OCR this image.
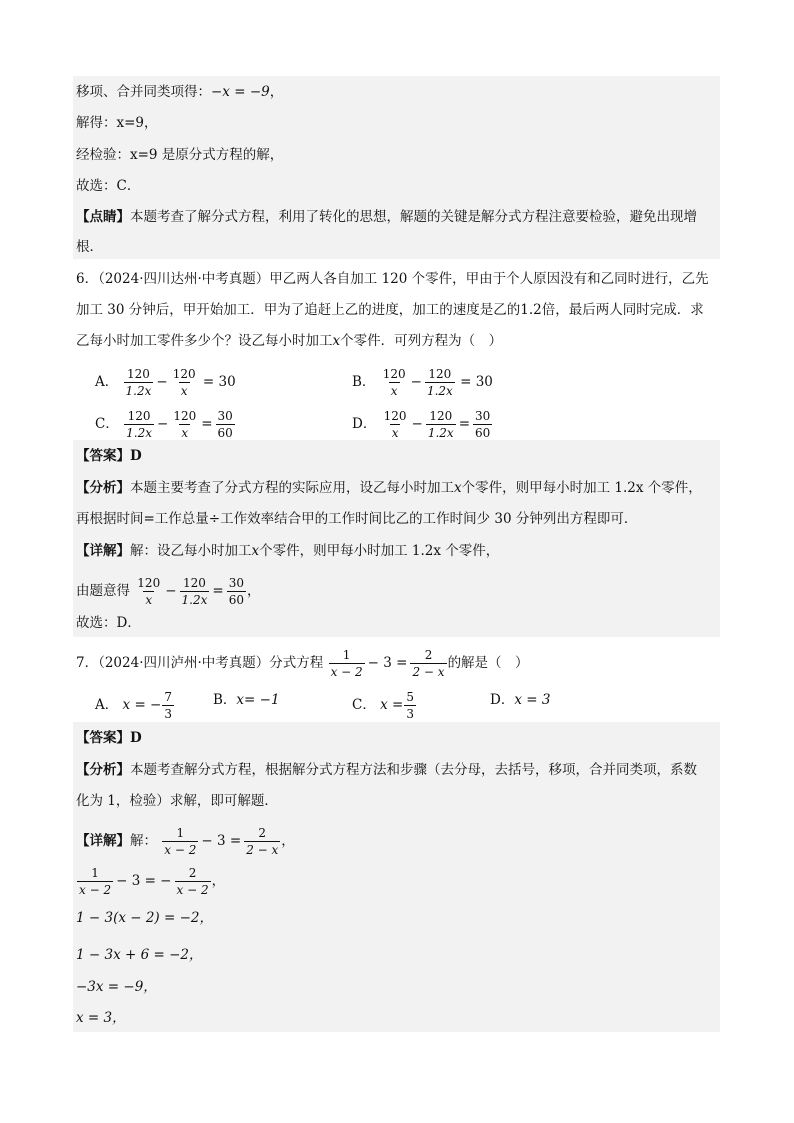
移项、合并同类项得：−x = −9，
解得：x=9，
经检验：x=9 是原分式方程的解，
故选：C．
【点睛】本题考查了解分式方程，利用了转化的思想，解题的关键是解分式方程注意要检验，避免出现增
根．
6．（2024·四川达州·中考真题）甲乙两人各自加工 120 个零件，甲由于个人原因没有和乙同时进行，乙先
加工 30 分钟后，甲开始加工．甲为了追赶上乙的进度，加工的速度是乙的1.2倍，最后两人同时完成．求
乙每小时加工零件多少个？设乙每小时加工x个零件．可列方程为（　）
A． $\frac{120}{1.2x} - \frac{120}{x} = 30$	B． $\frac{120}{x} - \frac{120}{1.2x} = 30$
C． $\frac{120}{1.2x} - \frac{120}{x} = \frac{30}{60}$	D． $\frac{120}{x} - \frac{120}{1.2x} = \frac{30}{60}$
【答案】D
【分析】本题主要考查了分式方程的实际应用，设乙每小时加工x个零件，则甲每小时加工 1.2x 个零件，
再根据时间=工作总量÷工作效率结合甲的工作时间比乙的工作时间少 30 分钟列出方程即可．
【详解】解：设乙每小时加工x个零件，则甲每小时加工 1.2x 个零件，
由题意得 $\frac{120}{x} - \frac{120}{1.2x} = \frac{30}{60}$ ，
故选：D．
7．（2024·四川泸州·中考真题）分式方程 $\frac{1}{x - 2} - 3 = \frac{2}{2 - x}$ 的解是（　）
A． x = − $\frac{7}{3}$	B．x= −1	C． $x = \frac{5}{3}$	D．x = 3
【答案】D
【分析】本题考查解分式方程，根据解分式方程方法和步骤（去分母，去括号，移项，合并同类项，系数
化为 1，检验）求解，即可解题．
【详解】解： $\frac{1}{x - 2} - 3 = \frac{2}{2 - x}$ ，
$\frac{1}{x - 2} - 3$ = − $\frac{2}{x - 2}$ ，
1 − 3(x − 2) = −2，
1 − 3x + 6 = −2，
−3x = −9，
x = 3，
